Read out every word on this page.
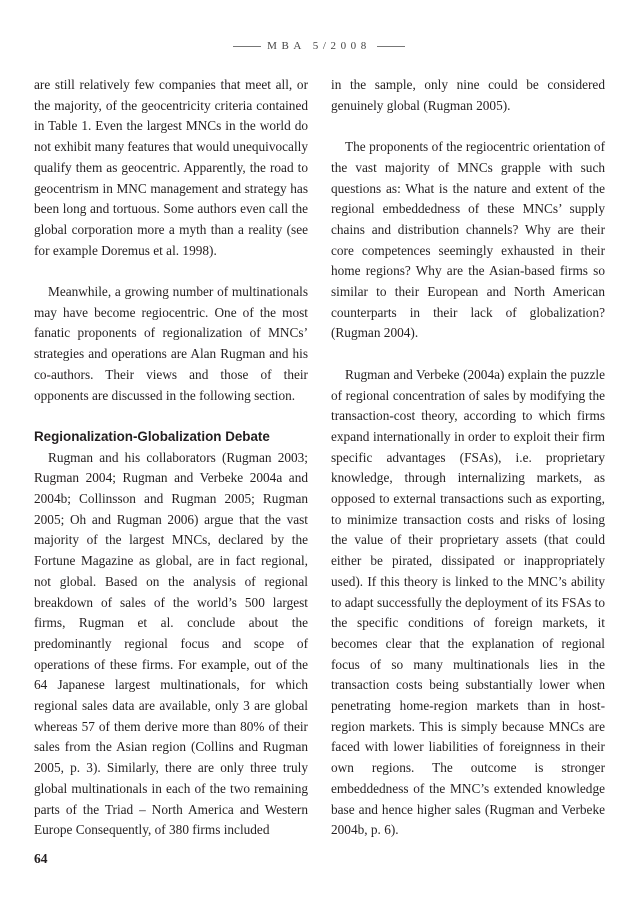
MBA 5/2008

are still relatively few companies that meet all, or the majority, of the geocentricity criteria contained in Table 1. Even the largest MNCs in the world do not exhibit many features that would unequivocally qualify them as geocentric. Apparently, the road to geocentrism in MNC management and strategy has been long and tortuous. Some authors even call the global corporation more a myth than a reality (see for example Doremus et al. 1998).

Meanwhile, a growing number of multinationals may have become regiocentric. One of the most fanatic proponents of regionalization of MNCs’ strategies and operations are Alan Rugman and his co-authors. Their views and those of their opponents are discussed in the following section.

Regionalization-Globalization Debate

Rugman and his collaborators (Rugman 2003; Rugman 2004; Rugman and Verbeke 2004a and 2004b; Collinsson and Rugman 2005; Rugman 2005; Oh and Rugman 2006) argue that the vast majority of the largest MNCs, declared by the Fortune Magazine as global, are in fact regional, not global. Based on the analysis of regional breakdown of sales of the world’s 500 largest firms, Rugman et al. conclude about the predominantly regional focus and scope of operations of these firms. For example, out of the 64 Japanese largest multinationals, for which regional sales data are available, only 3 are global whereas 57 of them derive more than 80% of their sales from the Asian region (Collins and Rugman 2005, p. 3). Similarly, there are only three truly global multinationals in each of the two remaining parts of the Triad – North America and Western Europe Consequently, of 380 firms included

in the sample, only nine could be considered genuinely global (Rugman 2005).

The proponents of the regiocentric orientation of the vast majority of MNCs grapple with such questions as: What is the nature and extent of the regional embeddedness of these MNCs’ supply chains and distribution channels? Why are their core competences seemingly exhausted in their home regions? Why are the Asian-based firms so similar to their European and North American counterparts in their lack of globalization? (Rugman 2004).

Rugman and Verbeke (2004a) explain the puzzle of regional concentration of sales by modifying the transaction-cost theory, according to which firms expand internationally in order to exploit their firm specific advantages (FSAs), i.e. proprietary knowledge, through internalizing markets, as opposed to external transactions such as exporting, to minimize transaction costs and risks of losing the value of their proprietary assets (that could either be pirated, dissipated or inappropriately used). If this theory is linked to the MNC’s ability to adapt successfully the deployment of its FSAs to the specific conditions of foreign markets, it becomes clear that the explanation of regional focus of so many multinationals lies in the transaction costs being substantially lower when penetrating home-region markets than in host-region markets. This is simply because MNCs are faced with lower liabilities of foreignness in their own regions. The outcome is stronger embeddedness of the MNC’s extended knowledge base and hence higher sales (Rugman and Verbeke 2004b, p. 6).

64
